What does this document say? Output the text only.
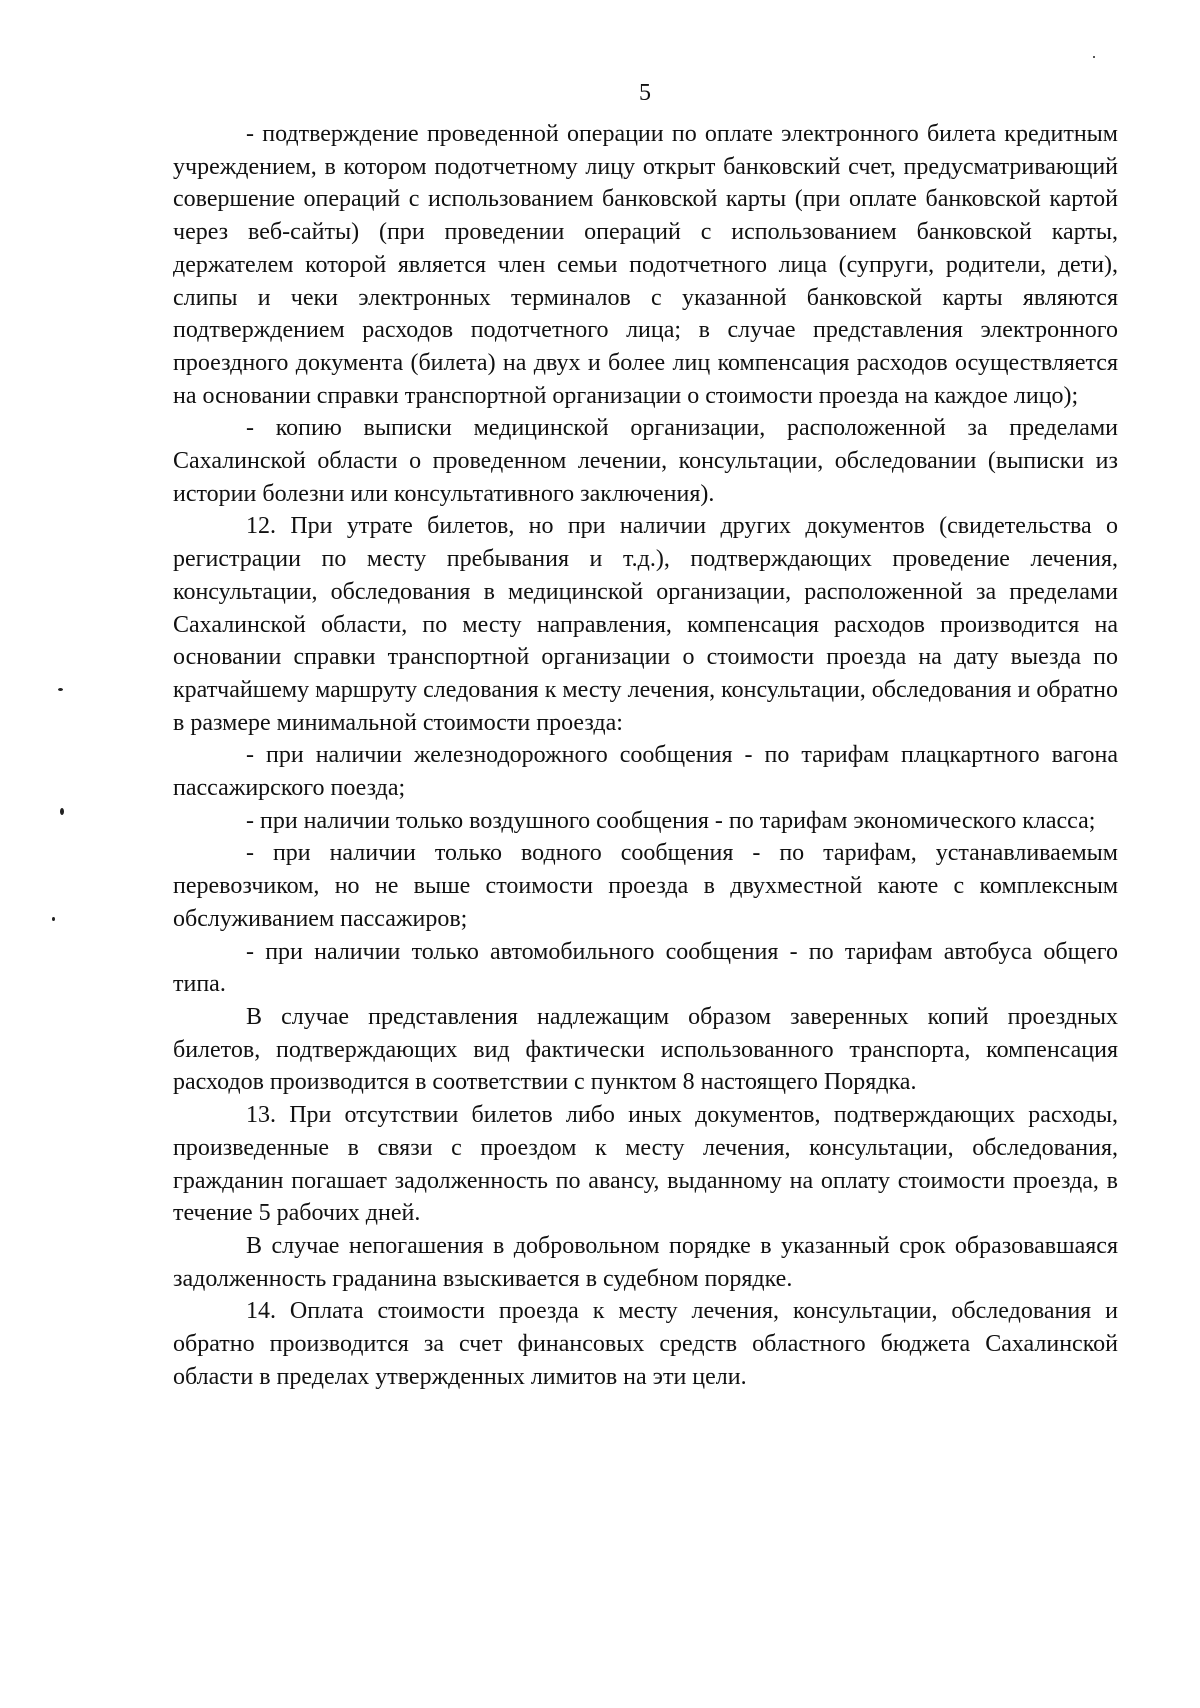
5

- подтверждение проведенной операции по оплате электронного билета кредитным учреждением, в котором подотчетному лицу открыт банковский счет, предусматривающий совершение операций с использованием банковской карты (при оплате банковской картой через веб-сайты) (при проведении операций с использованием банковской карты, держателем которой является член семьи подотчетного лица (супруги, родители, дети), слипы и чеки электронных терминалов с указанной банковской карты являются подтверждением расходов подотчетного лица; в случае представления электронного проездного документа (билета) на двух и более лиц компенсация расходов осуществляется на основании справки транспортной организации о стоимости проезда на каждое лицо);

- копию выписки медицинской организации, расположенной за пределами Сахалинской области о проведенном лечении, консультации, обследовании (выписки из истории болезни или консультативного заключения).

12. При утрате билетов, но при наличии других документов (свидетельства о регистрации по месту пребывания и т.д.), подтверждающих проведение лечения, консультации, обследования в медицинской организации, расположенной за пределами Сахалинской области, по месту направления, компенсация расходов производится на основании справки транспортной организации о стоимости проезда на дату выезда по кратчайшему маршруту следования к месту лечения, консультации, обследования и обратно в размере минимальной стоимости проезда:

- при наличии железнодорожного сообщения - по тарифам плацкартного вагона пассажирского поезда;

- при наличии только воздушного сообщения - по тарифам экономического класса;

- при наличии только водного сообщения - по тарифам, устанавливаемым перевозчиком, но не выше стоимости проезда в двухместной каюте с комплексным обслуживанием пассажиров;

- при наличии только автомобильного сообщения - по тарифам автобуса общего типа.

В случае представления надлежащим образом заверенных копий проездных билетов, подтверждающих вид фактически использованного транспорта, компенсация расходов производится в соответствии с пунктом 8 настоящего Порядка.

13. При отсутствии билетов либо иных документов, подтверждающих расходы, произведенные в связи с проездом к месту лечения, консультации, обследования, гражданин погашает задолженность по авансу, выданному на оплату стоимости проезда, в течение 5 рабочих дней.

В случае непогашения в добровольном порядке в указанный срок образовавшаяся задолженность граданина взыскивается в судебном порядке.

14. Оплата стоимости проезда к месту лечения, консультации, обследования и обратно производится за счет финансовых средств областного бюджета Сахалинской области в пределах утвержденных лимитов на эти цели.
